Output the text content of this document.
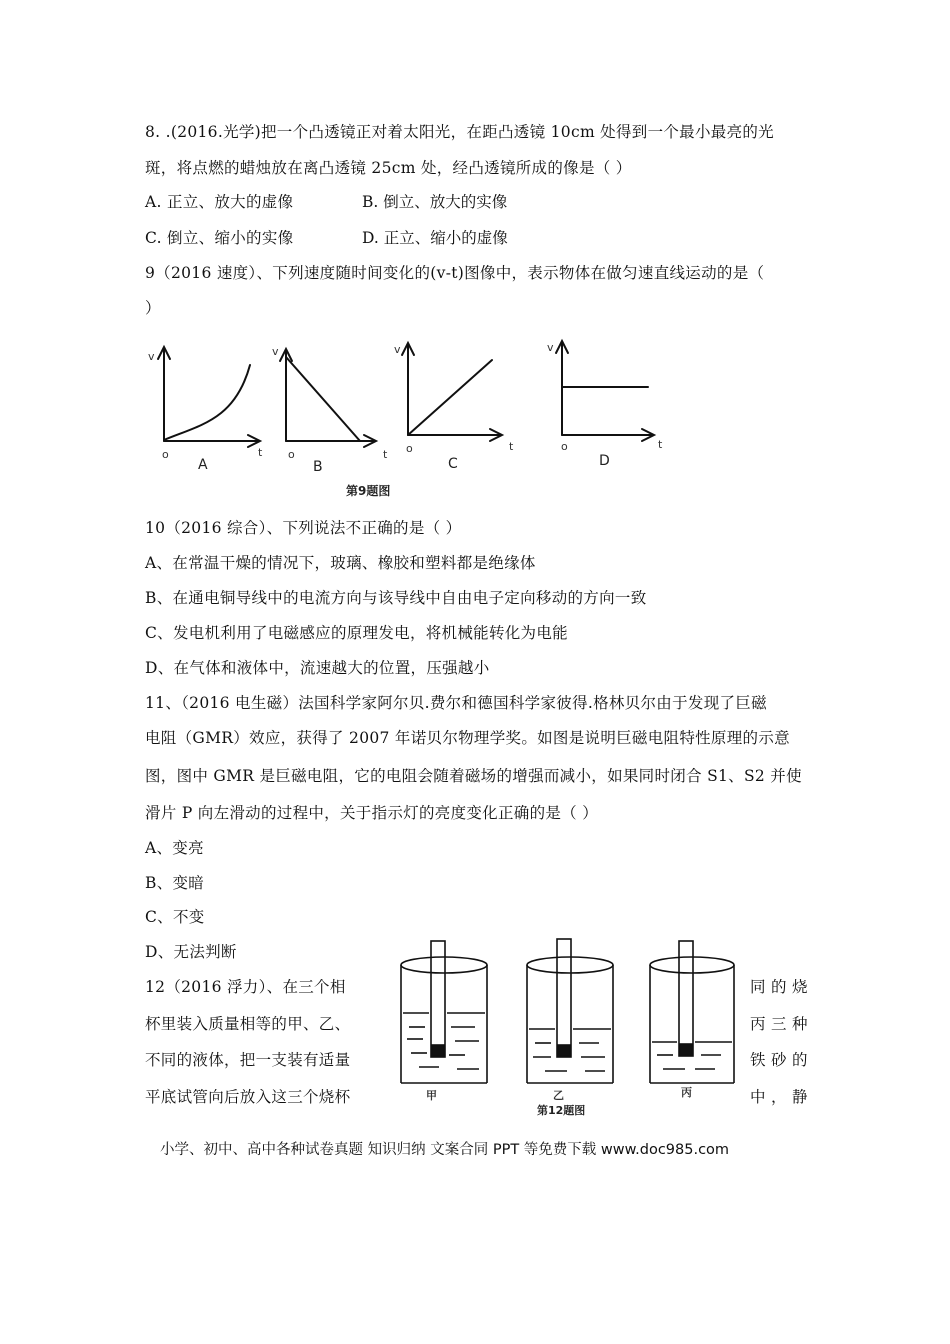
8. .(2016.光学)把一个凸透镜正对着太阳光，在距凸透镜 10cm 处得到一个最小最亮的光
斑，将点燃的蜡烛放在离凸透镜 25cm 处，经凸透镜所成的像是（ ）
A. 正立、放大的虚像	B. 倒立、放大的实像
C. 倒立、缩小的实像	D. 正立、缩小的虚像
9（2016 速度）、下列速度随时间变化的(v-t)图像中，表示物体在做匀速直线运动的是（
）
v
o	t
A
v
o	t
B
v
o	t
C
v
o	t
D
第9题图
10（2016 综合）、下列说法不正确的是（ ）
A、在常温干燥的情况下，玻璃、橡胶和塑料都是绝缘体
B、在通电铜导线中的电流方向与该导线中自由电子定向移动的方向一致
C、发电机利用了电磁感应的原理发电，将机械能转化为电能
D、在气体和液体中，流速越大的位置，压强越小
11、（2016 电生磁）法国科学家阿尔贝.费尔和德国科学家彼得.格林贝尔由于发现了巨磁
电阻（GMR）效应，获得了 2007 年诺贝尔物理学奖。如图是说明巨磁电阻特性原理的示意
图，图中 GMR 是巨磁电阻，它的电阻会随着磁场的增强而减小，如果同时闭合 S1、S2 并使
滑片 P 向左滑动的过程中，关于指示灯的亮度变化正确的是（ ）
A、变亮
B、变暗
C、不变
D、无法判断
12（2016 浮力）、在三个相
杯里装入质量相等的甲、乙、
不同的液体，把一支装有适量
平底试管向后放入这三个烧杯
同 的 烧
丙 三 种
铁 砂 的
中 ， 静
甲	乙	丙
第12题图
小学、初中、高中各种试卷真题 知识归纳 文案合同 PPT 等免费下载 www.doc985.com
